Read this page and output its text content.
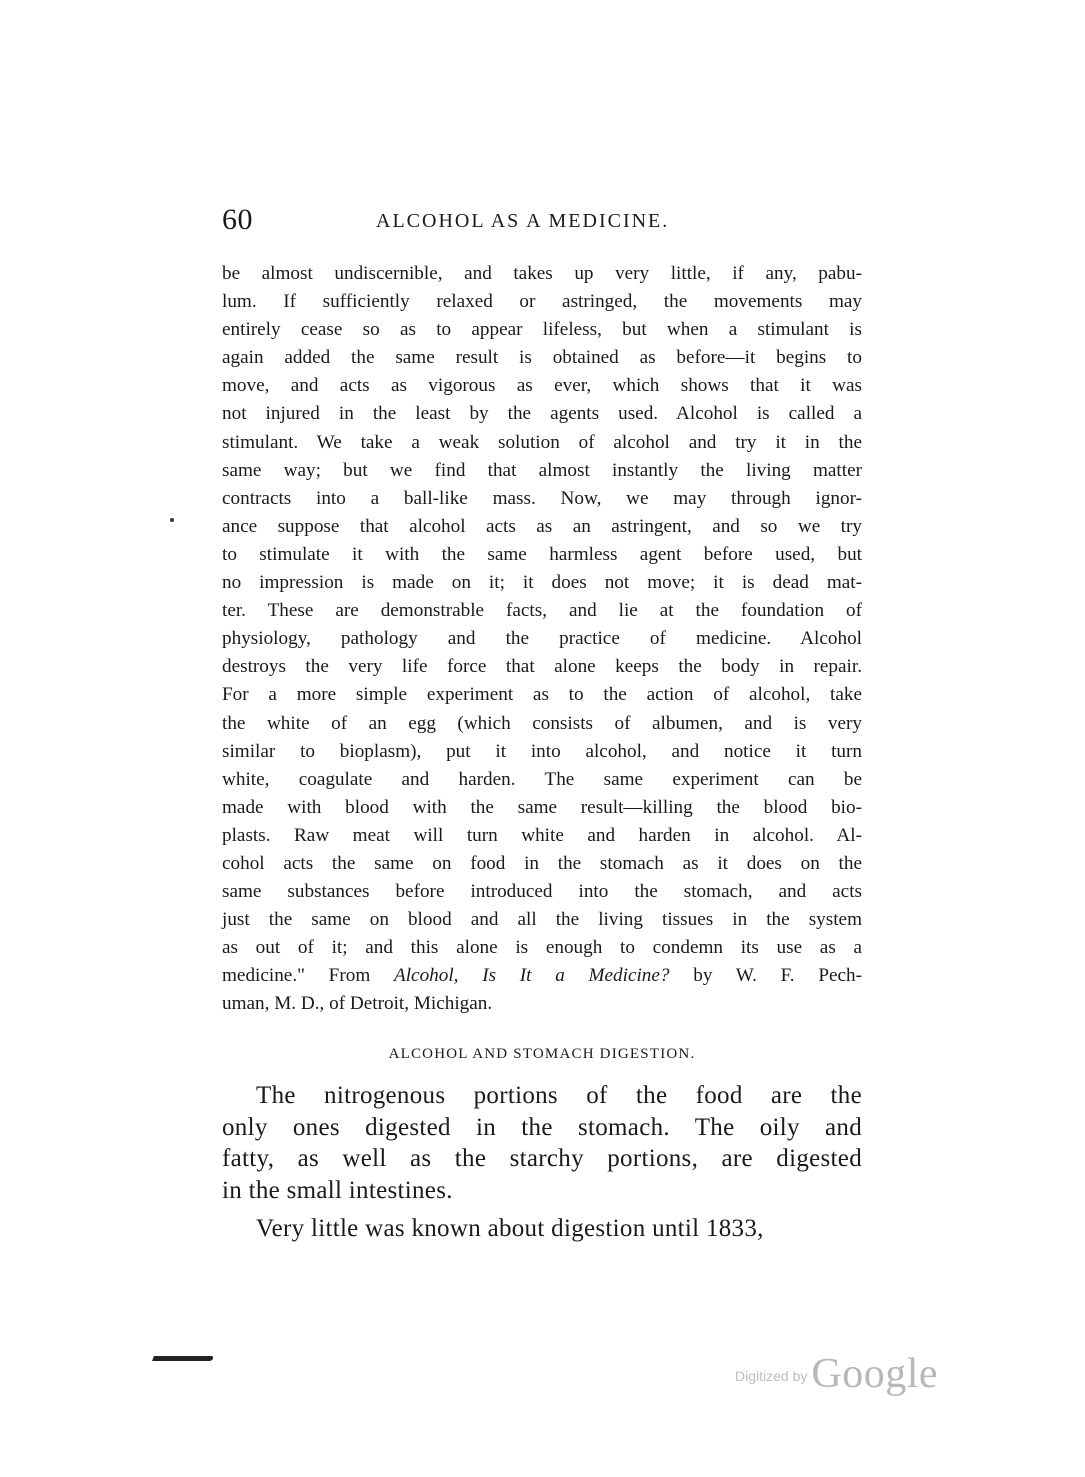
60	ALCOHOL AS A MEDICINE.
be almost undiscernible, and takes up very little, if any, pabu-
lum. If sufficiently relaxed or astringed, the movements may
entirely cease so as to appear lifeless, but when a stimulant is
again added the same result is obtained as before—it begins to
move, and acts as vigorous as ever, which shows that it was
not injured in the least by the agents used. Alcohol is called a
stimulant. We take a weak solution of alcohol and try it in the
same way; but we find that almost instantly the living matter
contracts into a ball-like mass. Now, we may through ignor-
ance suppose that alcohol acts as an astringent, and so we try
to stimulate it with the same harmless agent before used, but
no impression is made on it; it does not move; it is dead mat-
ter. These are demonstrable facts, and lie at the foundation of
physiology, pathology and the practice of medicine. Alcohol
destroys the very life force that alone keeps the body in repair.
For a more simple experiment as to the action of alcohol, take
the white of an egg (which consists of albumen, and is very
similar to bioplasm), put it into alcohol, and notice it turn
white, coagulate and harden. The same experiment can be
made with blood with the same result—killing the blood bio-
plasts. Raw meat will turn white and harden in alcohol. Al-
cohol acts the same on food in the stomach as it does on the
same substances before introduced into the stomach, and acts
just the same on blood and all the living tissues in the system
as out of it; and this alone is enough to condemn its use as a
medicine." From Alcohol, Is It a Medicine? by W. F. Pech-
uman, M. D., of Detroit, Michigan.
ALCOHOL AND STOMACH DIGESTION.
The nitrogenous portions of the food are the
only ones digested in the stomach. The oily and
fatty, as well as the starchy portions, are digested
in the small intestines.
Very little was known about digestion until 1833,
Digitized by Google
